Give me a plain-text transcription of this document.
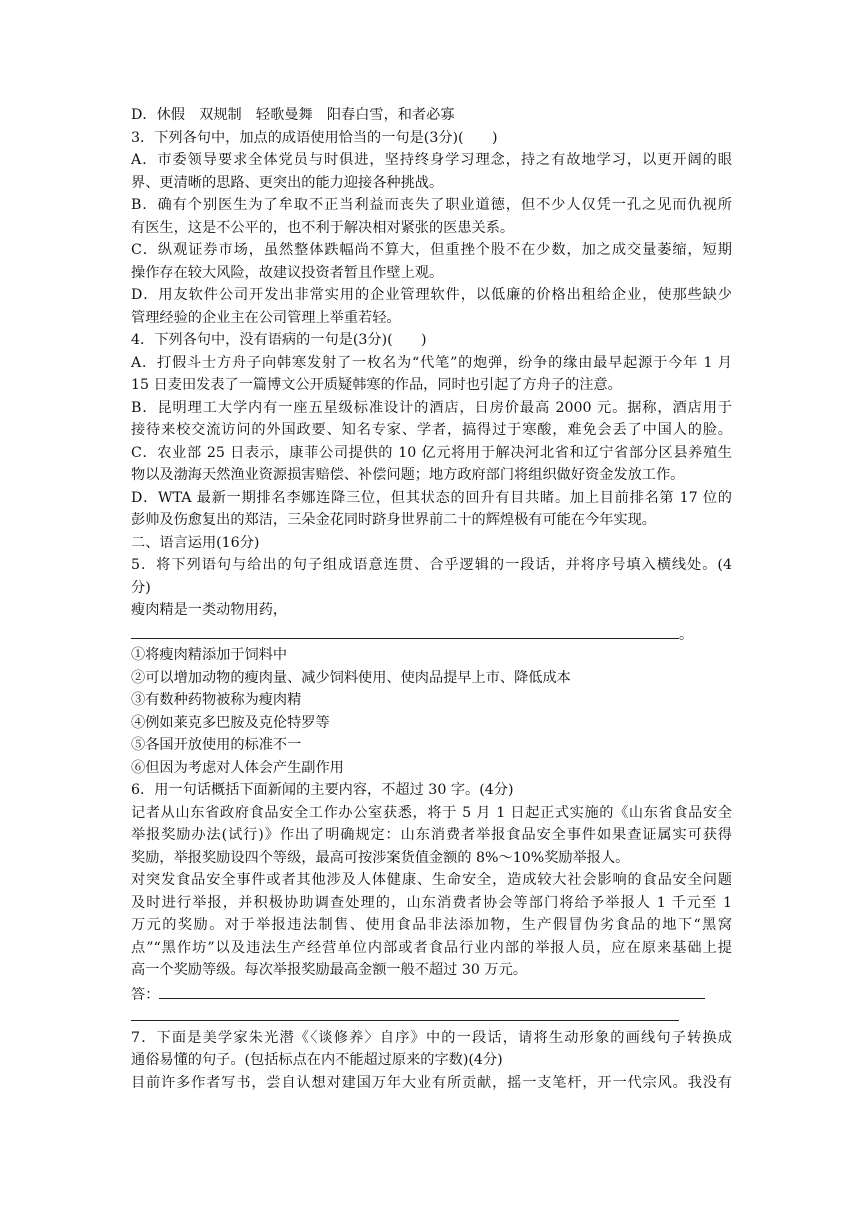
D．休假　双规制　轻歌曼舞　阳春白雪，和者必寡
3．下列各句中，加点的成语使用恰当的一句是(3分)(　　)
A．市委领导要求全体党员与时俱进，坚持终身学习理念，持之有故地学习，以更开阔的眼
界、更清晰的思路、更突出的能力迎接各种挑战。
B．确有个别医生为了牟取不正当利益而丧失了职业道德，但不少人仅凭一孔之见而仇视所
有医生，这是不公平的，也不利于解决相对紧张的医患关系。
C．纵观证券市场，虽然整体跌幅尚不算大，但重挫个股不在少数，加之成交量萎缩，短期
操作存在较大风险，故建议投资者暂且作壁上观。
D．用友软件公司开发出非常实用的企业管理软件，以低廉的价格出租给企业，使那些缺少
管理经验的企业主在公司管理上举重若轻。
4．下列各句中，没有语病的一句是(3分)(　　)
A．打假斗士方舟子向韩寒发射了一枚名为“代笔”的炮弹，纷争的缘由最早起源于今年 1 月
15 日麦田发表了一篇博文公开质疑韩寒的作品，同时也引起了方舟子的注意。
B．昆明理工大学内有一座五星级标准设计的酒店，日房价最高 2000 元。据称，酒店用于
接待来校交流访问的外国政要、知名专家、学者，搞得过于寒酸，难免会丢了中国人的脸。
C．农业部 25 日表示，康菲公司提供的 10 亿元将用于解决河北省和辽宁省部分区县养殖生
物以及渤海天然渔业资源损害赔偿、补偿问题；地方政府部门将组织做好资金发放工作。
D．WTA 最新一期排名李娜连降三位，但其状态的回升有目共睹。加上目前排名第 17 位的
彭帅及伤愈复出的郑洁，三朵金花同时跻身世界前二十的辉煌极有可能在今年实现。
二、语言运用(16分)
5．将下列语句与给出的句子组成语意连贯、合乎逻辑的一段话，并将序号填入横线处。(4
分)
瘦肉精是一类动物用药，
。
①将瘦肉精添加于饲料中
②可以增加动物的瘦肉量、减少饲料使用、使肉品提早上市、降低成本
③有数种药物被称为瘦肉精
④例如莱克多巴胺及克伦特罗等
⑤各国开放使用的标准不一
⑥但因为考虑对人体会产生副作用
6．用一句话概括下面新闻的主要内容，不超过 30 字。(4分)
记者从山东省政府食品安全工作办公室获悉，将于 5 月 1 日起正式实施的《山东省食品安全
举报奖励办法(试行)》作出了明确规定：山东消费者举报食品安全事件如果查证属实可获得
奖励，举报奖励设四个等级，最高可按涉案货值金额的 8%～10%奖励举报人。
对突发食品安全事件或者其他涉及人体健康、生命安全，造成较大社会影响的食品安全问题
及时进行举报，并积极协助调查处理的，山东消费者协会等部门将给予举报人 1 千元至 1
万元的奖励。对于举报违法制售、使用食品非法添加物，生产假冒伪劣食品的地下“黑窝
点”“黑作坊”以及违法生产经营单位内部或者食品行业内部的举报人员，应在原来基础上提
高一个奖励等级。每次举报奖励最高金额一般不超过 30 万元。
答：
7．下面是美学家朱光潜《〈谈修养〉自序》中的一段话，请将生动形象的画线句子转换成
通俗易懂的句子。(包括标点在内不能超过原来的字数)(4分)
目前许多作者写书，尝自认想对建国万年大业有所贡献，摇一支笔杆，开一代宗风。我没有
